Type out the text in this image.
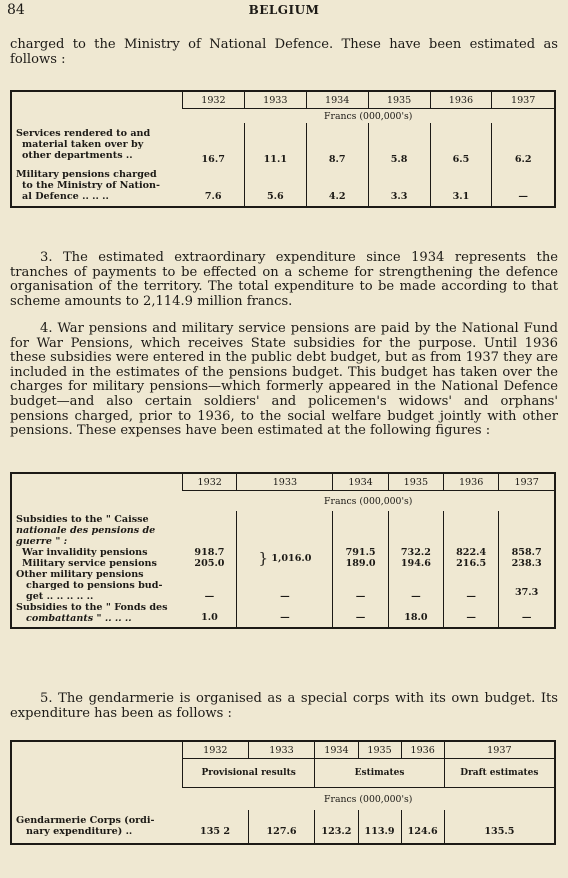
84	BELGIUM

charged to the Ministry of National Defence. These have been estimated as follows :

	1932	1933	1934	1935	1936	1937
	Francs (000,000's)					

Services rendered to and
material taken over by
other departments ..	16.7	11.1	8.7	5.8	6.5	6.2

Military pensions charged
to the Ministry of Nation-
al Defence .. .. ..	7.6	5.6	4.2	3.3	3.1	—

3. The estimated extraordinary expenditure since 1934 represents the tranches of payments to be effected on a scheme for strengthening the defence organisation of the territory. The total expenditure to be made according to that scheme amounts to 2,114.9 million francs.

4. War pensions and military service pensions are paid by the National Fund for War Pensions, which receives State subsidies for the purpose. Until 1936 these subsidies were entered in the public debt budget, but as from 1937 they are included in the estimates of the pensions budget. This budget has taken over the charges for military pensions—which formerly appeared in the National Defence budget—and also certain soldiers' and policemen's widows' and orphans' pensions charged, prior to 1936, to the social welfare budget jointly with other pensions. These expenses have been estimated at the following figures :

	1932	1933	1934	1935	1936	1937
	Francs (000,000's)					

Subsidies to the " Caisse
nationale des pensions de
guerre " :						

War invalidity pensions	918.7	} 1,016.0	791.5	732.2	822.4	858.7
Military service pensions	205.0		189.0	194.6	216.5	238.3

Other military pensions
charged to pensions bud-
get .. .. .. .. ..	—	—	—	—	—	37.3

Subsidies to the " Fonds des
combattants " .. .. ..	1.0	—	—	18.0	—	—

5. The gendarmerie is organised as a special corps with its own budget. Its expenditure has been as follows :

	1932	1933	1934	1935	1936	1937
	Provisional results		Estimates			Draft estimates
	Francs (000,000's)					

Gendarmerie Corps (ordi-
nary expenditure) ..	135 2	127.6	123.2	113.9	124.6	135.5
